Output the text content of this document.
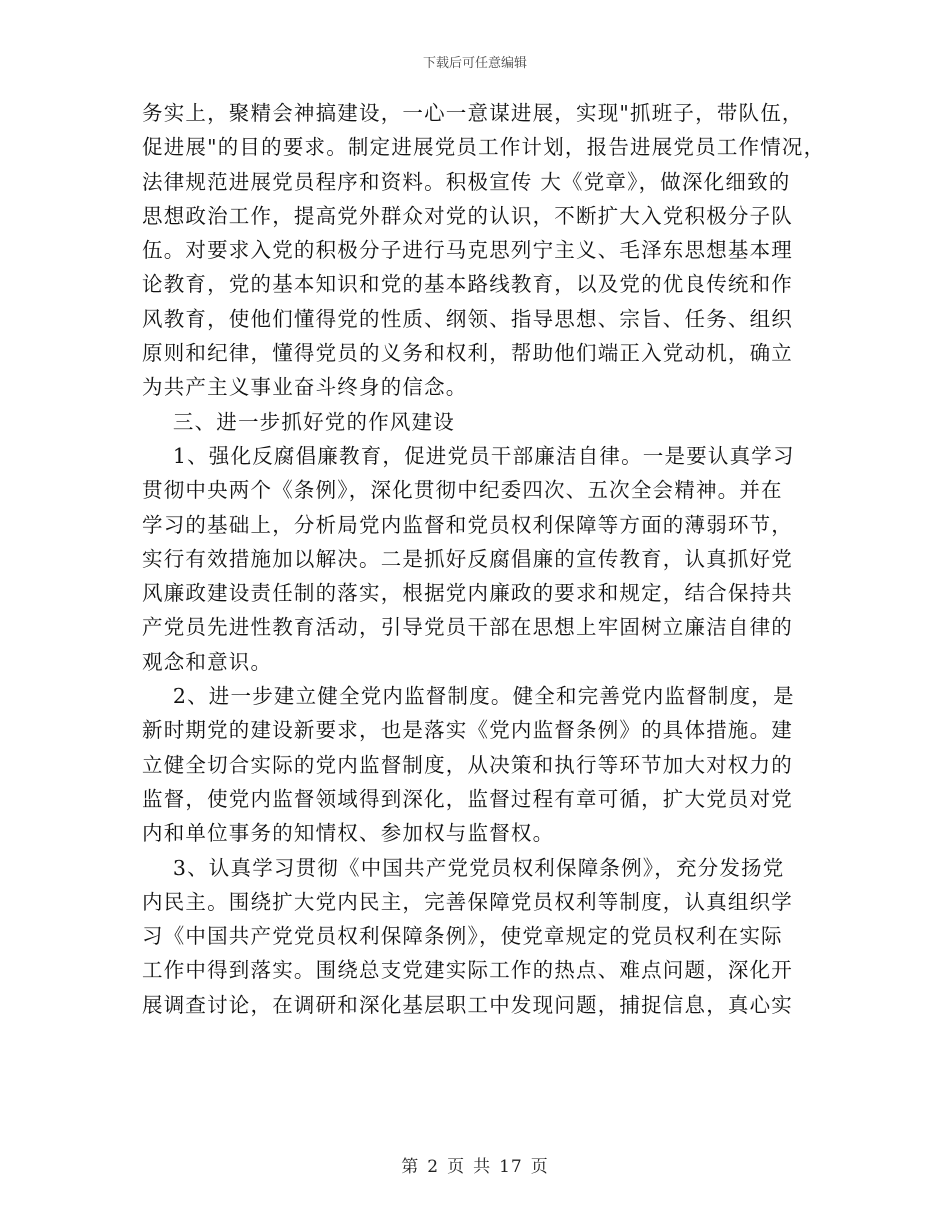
下载后可任意编辑
务实上，聚精会神搞建设，一心一意谋进展，实现"抓班子，带队伍，
促进展"的目的要求。制定进展党员工作计划，报告进展党员工作情况，
法律规范进展党员程序和资料。积极宣传 大《党章》，做深化细致的
思想政治工作，提高党外群众对党的认识，不断扩大入党积极分子队
伍。对要求入党的积极分子进行马克思列宁主义、毛泽东思想基本理
论教育，党的基本知识和党的基本路线教育，以及党的优良传统和作
风教育，使他们懂得党的性质、纲领、指导思想、宗旨、任务、组织
原则和纪律，懂得党员的义务和权利，帮助他们端正入党动机，确立
为共产主义事业奋斗终身的信念。
三、进一步抓好党的作风建设
1、强化反腐倡廉教育，促进党员干部廉洁自律。一是要认真学习
贯彻中央两个《条例》，深化贯彻中纪委四次、五次全会精神。并在
学习的基础上，分析局党内监督和党员权利保障等方面的薄弱环节，
实行有效措施加以解决。二是抓好反腐倡廉的宣传教育，认真抓好党
风廉政建设责任制的落实，根据党内廉政的要求和规定，结合保持共
产党员先进性教育活动，引导党员干部在思想上牢固树立廉洁自律的
观念和意识。
2、进一步建立健全党内监督制度。健全和完善党内监督制度，是
新时期党的建设新要求，也是落实《党内监督条例》的具体措施。建
立健全切合实际的党内监督制度，从决策和执行等环节加大对权力的
监督，使党内监督领域得到深化，监督过程有章可循，扩大党员对党
内和单位事务的知情权、参加权与监督权。
3、认真学习贯彻《中国共产党党员权利保障条例》，充分发扬党
内民主。围绕扩大党内民主，完善保障党员权利等制度，认真组织学
习《中国共产党党员权利保障条例》，使党章规定的党员权利在实际
工作中得到落实。围绕总支党建实际工作的热点、难点问题，深化开
展调查讨论，在调研和深化基层职工中发现问题，捕捉信息，真心实
第 2 页 共 17 页
